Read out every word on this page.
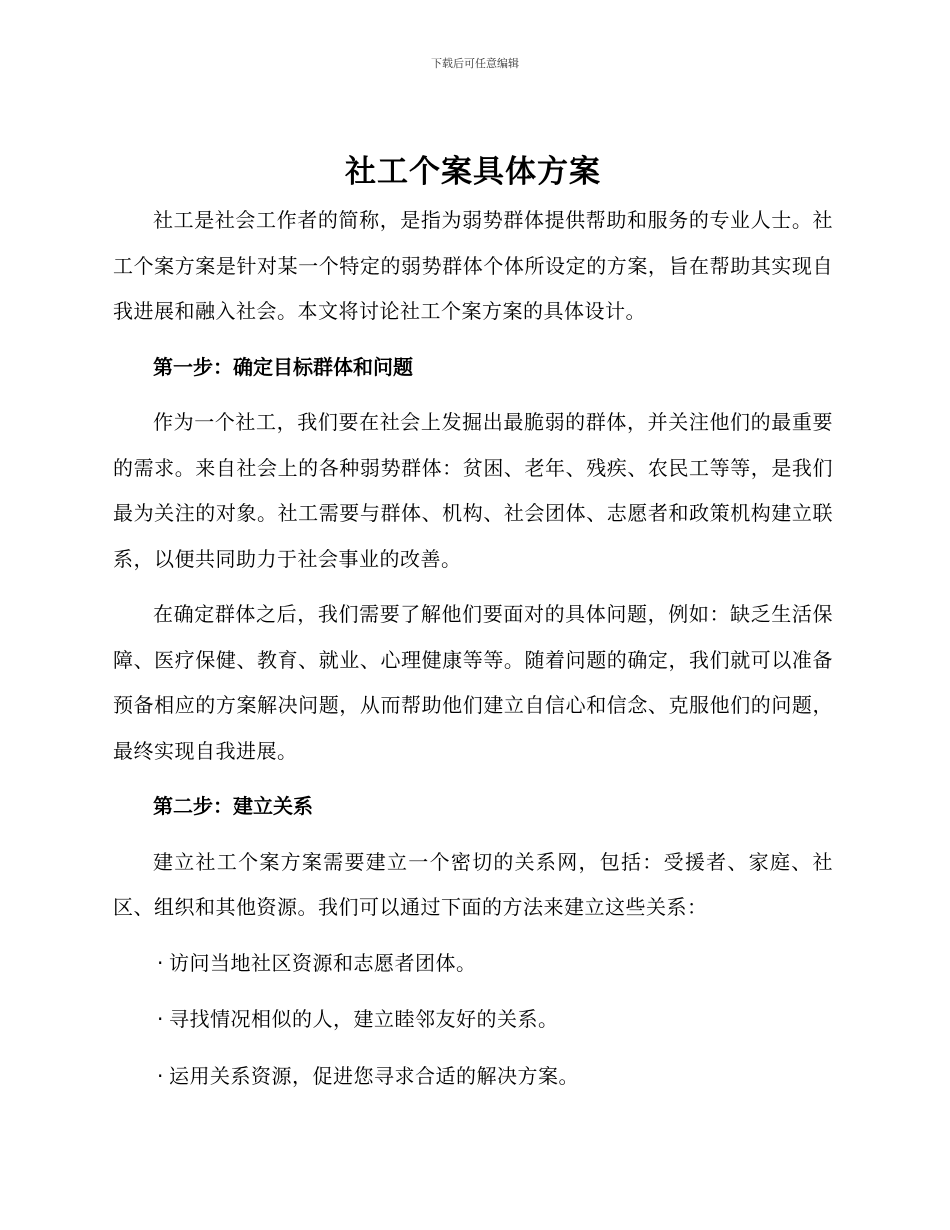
下载后可任意编辑
社工个案具体方案

社工是社会工作者的简称，是指为弱势群体提供帮助和服务的专业人士。社工个案方案是针对某一个特定的弱势群体个体所设定的方案，旨在帮助其实现自我进展和融入社会。本文将讨论社工个案方案的具体设计。

第一步：确定目标群体和问题

作为一个社工，我们要在社会上发掘出最脆弱的群体，并关注他们的最重要的需求。来自社会上的各种弱势群体：贫困、老年、残疾、农民工等等，是我们最为关注的对象。社工需要与群体、机构、社会团体、志愿者和政策机构建立联系，以便共同助力于社会事业的改善。

在确定群体之后，我们需要了解他们要面对的具体问题，例如：缺乏生活保障、医疗保健、教育、就业、心理健康等等。随着问题的确定，我们就可以准备预备相应的方案解决问题，从而帮助他们建立自信心和信念、克服他们的问题，最终实现自我进展。

第二步：建立关系

建立社工个案方案需要建立一个密切的关系网，包括：受援者、家庭、社区、组织和其他资源。我们可以通过下面的方法来建立这些关系：

· 访问当地社区资源和志愿者团体。
· 寻找情况相似的人，建立睦邻友好的关系。
· 运用关系资源，促进您寻求合适的解决方案。
